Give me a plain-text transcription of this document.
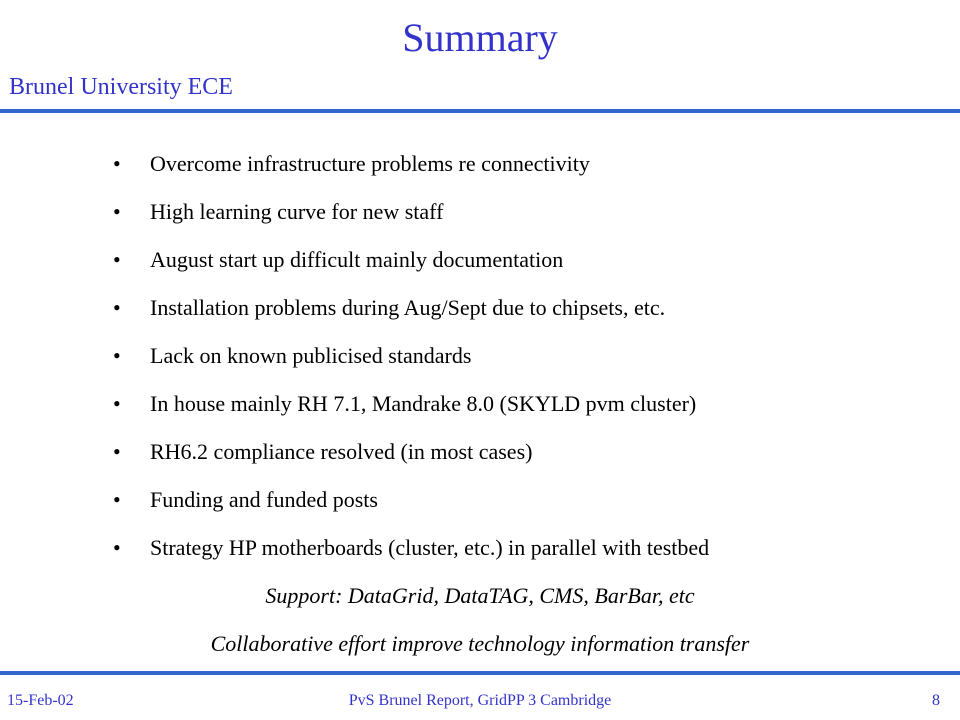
Summary
Brunel University ECE
•	Overcome infrastructure problems re connectivity
•	High learning curve for new staff
•	August start up difficult mainly documentation
•	Installation problems during Aug/Sept due to chipsets, etc.
•	Lack on known publicised standards
•	In house mainly RH 7.1, Mandrake 8.0 (SKYLD pvm cluster)
•	RH6.2 compliance resolved (in most cases)
•	Funding and funded posts
•	Strategy HP motherboards (cluster, etc.) in parallel with testbed
Support: DataGrid, DataTAG, CMS, BarBar, etc
Collaborative effort improve technology information transfer
15-Feb-02	PvS Brunel Report, GridPP 3 Cambridge	8
